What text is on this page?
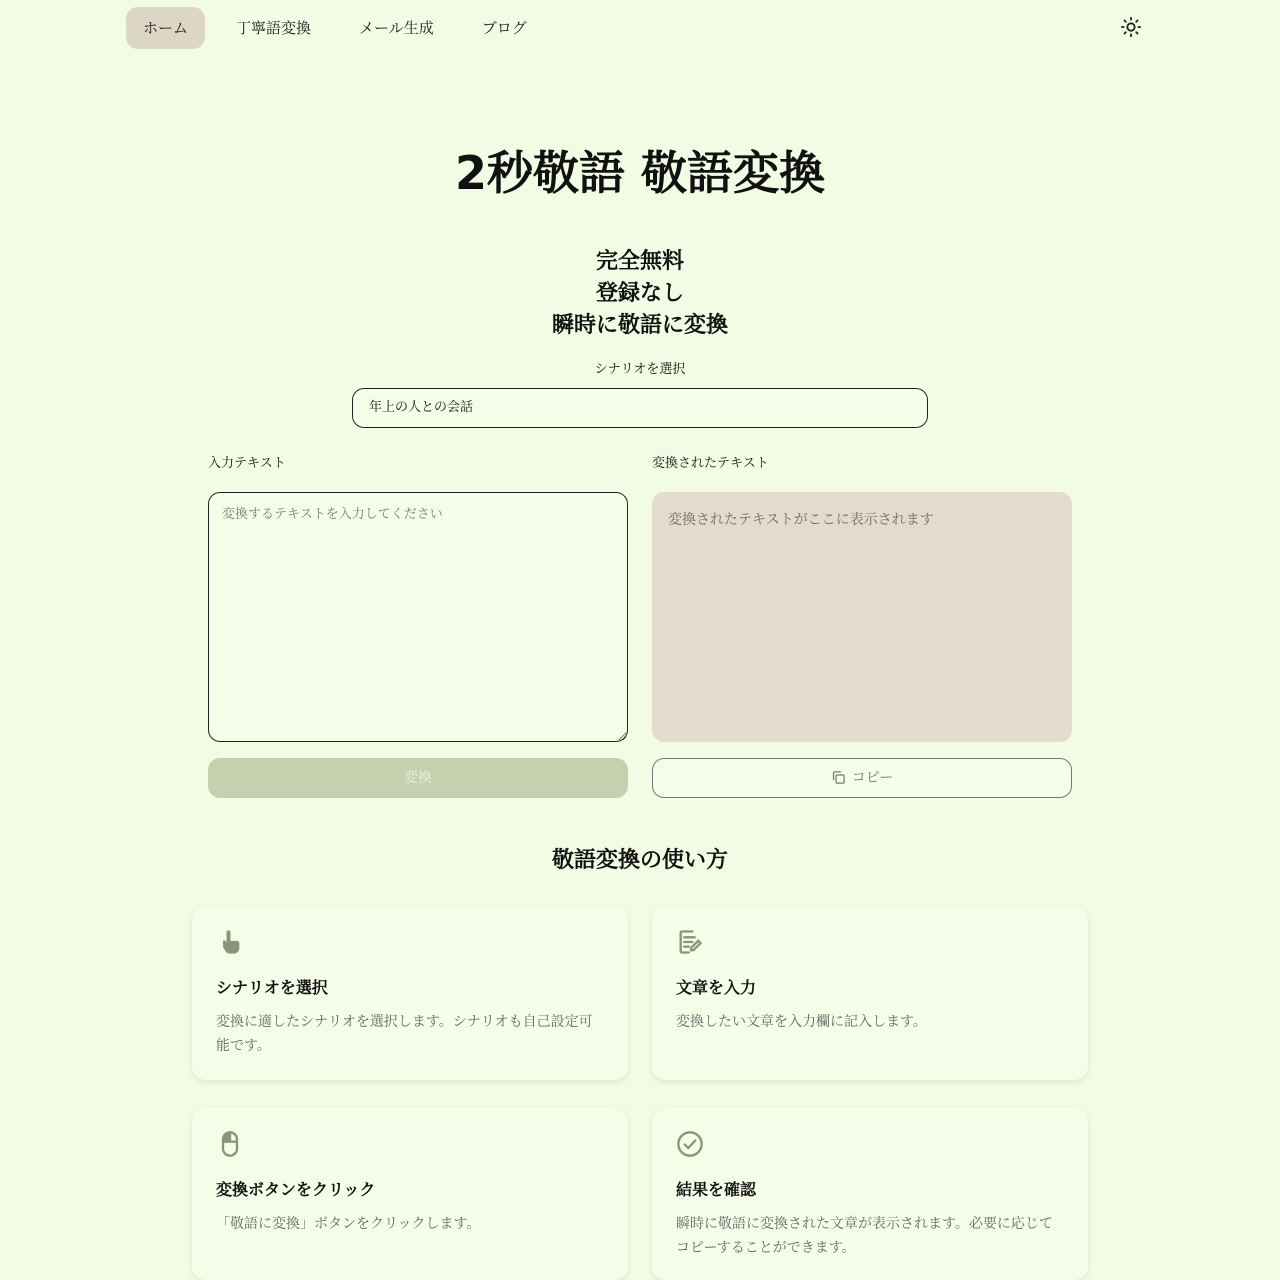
ホーム	丁寧語変換	メール生成	ブログ
2秒敬語 敬語変換
完全無料
登録なし
瞬時に敬語に変換
シナリオを選択
年上の人との会話
入力テキスト	変換されたテキスト
変換するテキストを入力してください
変換されたテキストがここに表示されます
変換	コピー
敬語変換の使い方
シナリオを選択
変換に適したシナリオを選択します。シナリオも自己設定可能です。
文章を入力
変換したい文章を入力欄に記入します。
変換ボタンをクリック
「敬語に変換」ボタンをクリックします。
結果を確認
瞬時に敬語に変換された文章が表示されます。必要に応じてコピーすることができます。
